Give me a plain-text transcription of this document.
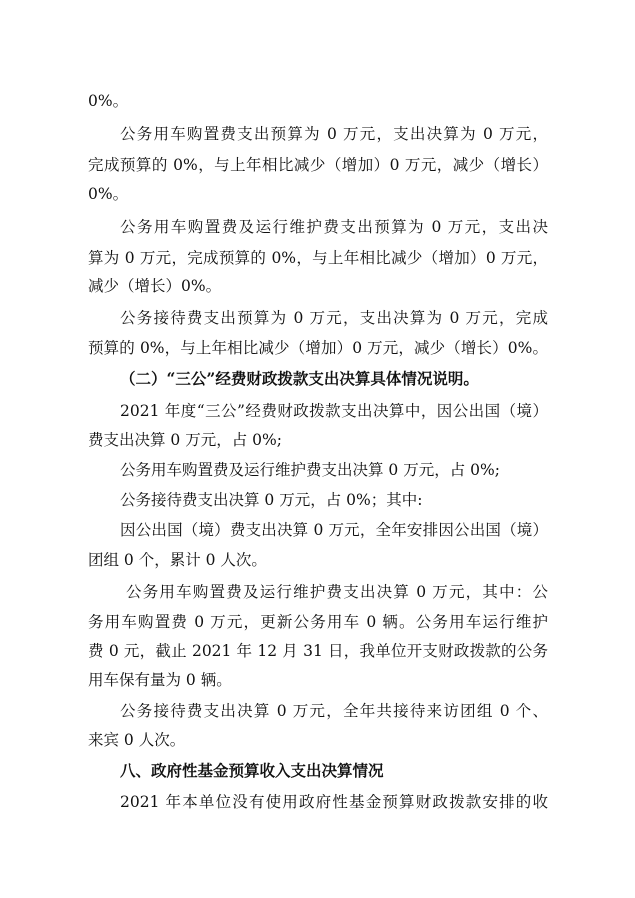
0%。
公务用车购置费支出预算为 0 万元，支出决算为 0 万元，
完成预算的 0%，与上年相比减少（增加）0 万元，减少（增长）
0%。
公务用车购置费及运行维护费支出预算为 0 万元，支出决
算为 0 万元，完成预算的 0%，与上年相比减少（增加）0 万元，
减少（增长）0%。
公务接待费支出预算为 0 万元，支出决算为 0 万元，完成
预算的 0%，与上年相比减少（增加）0 万元，减少（增长）0%。
（二）“三公”经费财政拨款支出决算具体情况说明。
2021 年度“三公”经费财政拨款支出决算中，因公出国（境）
费支出决算 0 万元，占 0%;
公务用车购置费及运行维护费支出决算 0 万元，占 0%;
公务接待费支出决算 0 万元，占 0%；其中:
因公出国（境）费支出决算 0 万元，全年安排因公出国（境）
团组 0 个，累计 0 人次。
公务用车购置费及运行维护费支出决算 0 万元，其中：公
务用车购置费 0 万元，更新公务用车 0 辆。公务用车运行维护
费 0 元，截止 2021 年 12 月 31 日，我单位开支财政拨款的公务
用车保有量为 0 辆。
公务接待费支出决算 0 万元，全年共接待来访团组 0 个、
来宾 0 人次。
八、政府性基金预算收入支出决算情况
2021 年本单位没有使用政府性基金预算财政拨款安排的收
